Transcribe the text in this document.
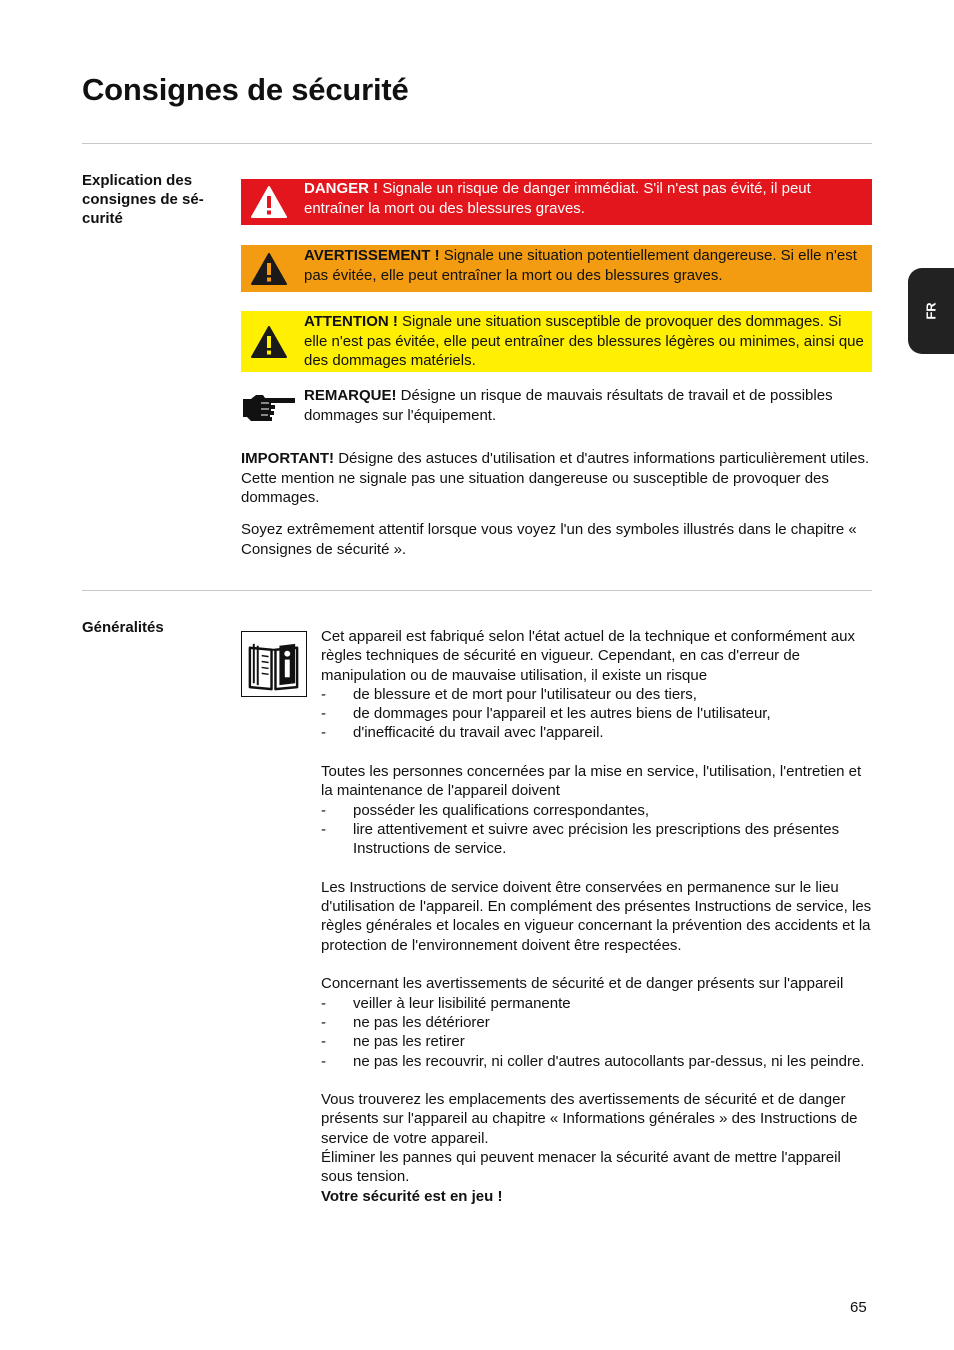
Consignes de sécurité
FR
Explication des
consignes de sé-
curité
DANGER ! Signale un risque de danger immédiat. S'il n'est pas évité, il peut entraîner la mort ou des blessures graves.
AVERTISSEMENT ! Signale une situation potentiellement dangereuse. Si elle n'est pas évitée, elle peut entraîner la mort ou des blessures graves.
ATTENTION ! Signale une situation susceptible de provoquer des dommages. Si elle n'est pas évitée, elle peut entraîner des blessures légères ou minimes, ainsi que des dommages matériels.
REMARQUE! Désigne un risque de mauvais résultats de travail et de possibles dommages sur l'équipement.
IMPORTANT! Désigne des astuces d'utilisation et d'autres informations particulièrement utiles. Cette mention ne signale pas une situation dangereuse ou susceptible de provoquer des dommages.
Soyez extrêmement attentif lorsque vous voyez l'un des symboles illustrés dans le chapitre « Consignes de sécurité ».
Généralités

Cet appareil est fabriqué selon l'état actuel de la technique et conformément aux règles techniques de sécurité en vigueur. Cependant, en cas d'erreur de manipulation ou de mauvaise utilisation, il existe un risque

- de blessure et de mort pour l'utilisateur ou des tiers,
- de dommages pour l'appareil et les autres biens de l'utilisateur,
- d'inefficacité du travail avec l'appareil.

Toutes les personnes concernées par la mise en service, l'utilisation, l'entretien et la maintenance de l'appareil doivent

- posséder les qualifications correspondantes,
- lire attentivement et suivre avec précision les prescriptions des présentes Instructions de service.

Les Instructions de service doivent être conservées en permanence sur le lieu d'utilisation de l'appareil. En complément des présentes Instructions de service, les règles générales et locales en vigueur concernant la prévention des accidents et la protection de l'environnement doivent être respectées.

Concernant les avertissements de sécurité et de danger présents sur l'appareil

- veiller à leur lisibilité permanente
- ne pas les détériorer
- ne pas les retirer
- ne pas les recouvrir, ni coller d'autres autocollants par-dessus, ni les peindre.

Vous trouverez les emplacements des avertissements de sécurité et de danger présents sur l'appareil au chapitre « Informations générales » des Instructions de service de votre appareil.

Éliminer les pannes qui peuvent menacer la sécurité avant de mettre l'appareil sous tension.

Votre sécurité est en jeu !

65
